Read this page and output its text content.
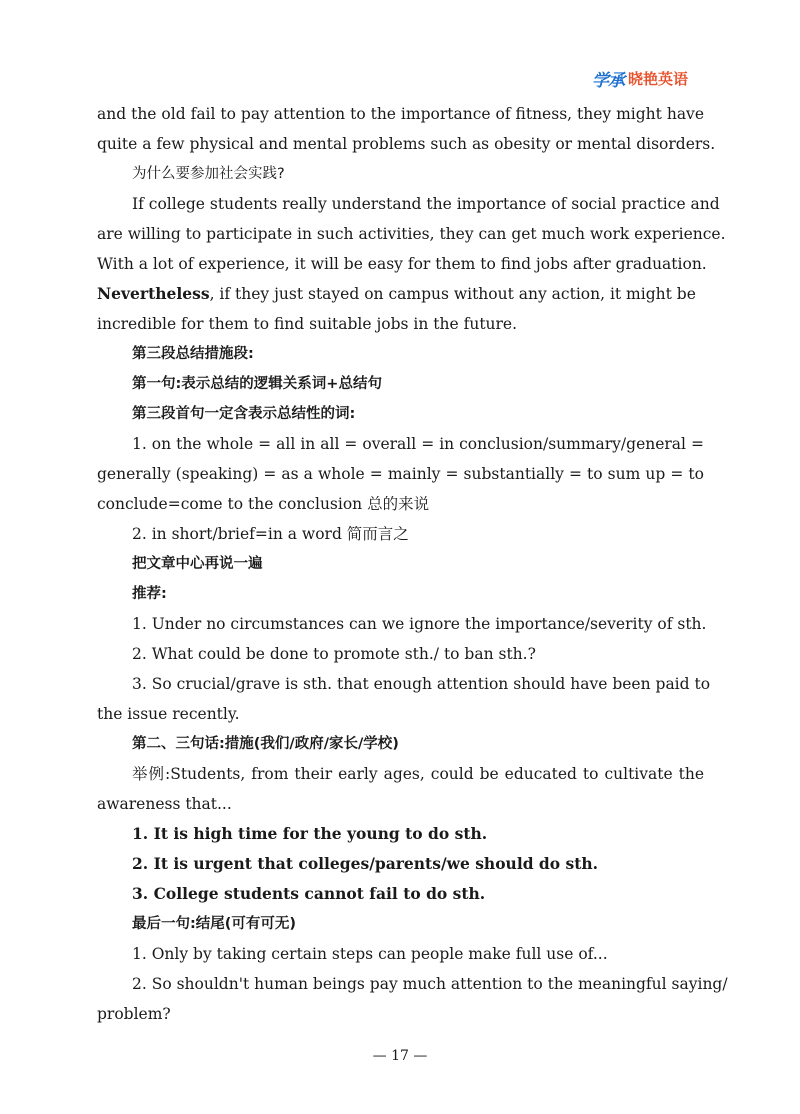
学承 晓艳英语
and the old fail to pay attention to the importance of fitness, they might have
quite a few physical and mental problems such as obesity or mental disorders.
为什么要参加社会实践?
If college students really understand the importance of social practice and
are willing to participate in such activities, they can get much work experience.
With a lot of experience, it will be easy for them to find jobs after graduation.
Nevertheless, if they just stayed on campus without any action, it might be
incredible for them to find suitable jobs in the future.
第三段总结措施段:
第一句:表示总结的逻辑关系词+总结句
第三段首句一定含表示总结性的词:
1. on the whole = all in all = overall = in conclusion/summary/general =
generally (speaking) = as a whole = mainly = substantially = to sum up = to
conclude=come to the conclusion 总的来说
2. in short/brief=in a word 简而言之
把文章中心再说一遍
推荐:
1. Under no circumstances can we ignore the importance/severity of sth.
2. What could be done to promote sth./ to ban sth.?
3. So crucial/grave is sth. that enough attention should have been paid to
the issue recently.
第二、三句话:措施(我们/政府/家长/学校)
举例:Students, from their early ages, could be educated to cultivate the
awareness that...
1. It is high time for the young to do sth.
2. It is urgent that colleges/parents/we should do sth.
3. College students cannot fail to do sth.
最后一句:结尾(可有可无)
1. Only by taking certain steps can people make full use of...
2. So shouldn't human beings pay much attention to the meaningful saying/
problem?
— 17 —
